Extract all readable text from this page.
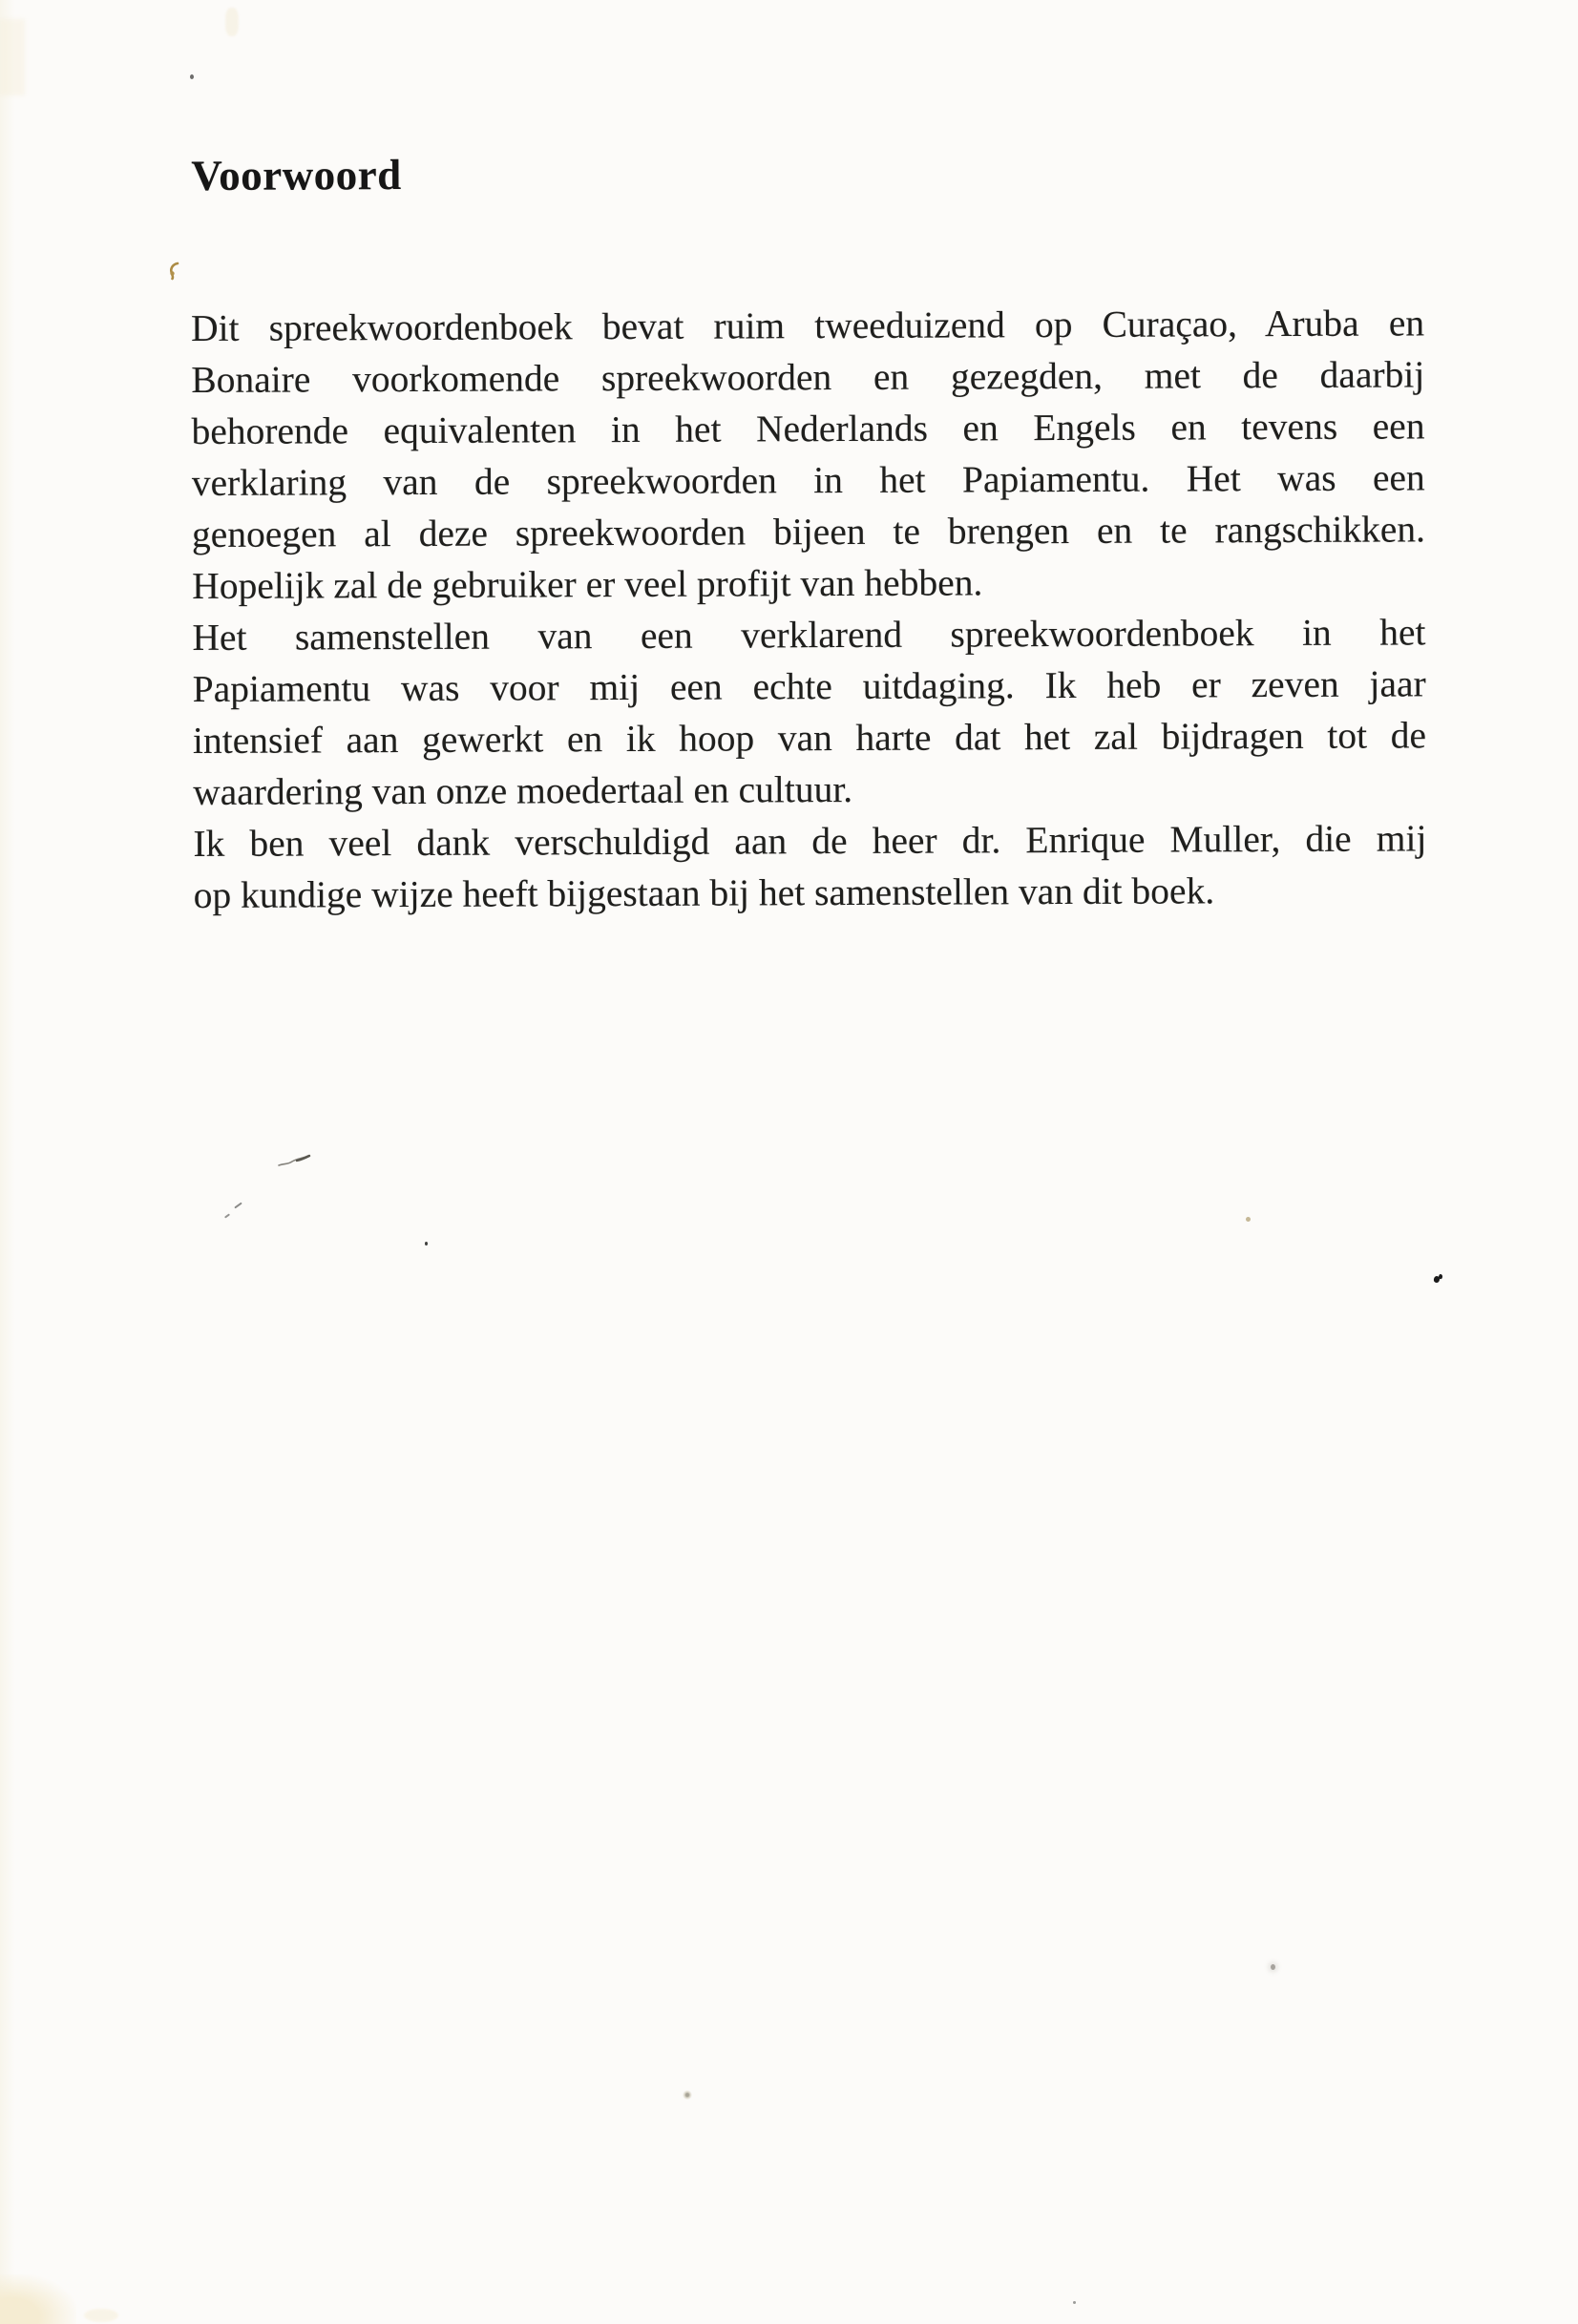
Voorwoord
Dit spreekwoordenboek bevat ruim tweeduizend op Curaçao, Aruba en
Bonaire voorkomende spreekwoorden en gezegden, met de daarbij
behorende equivalenten in het Nederlands en Engels en tevens een
verklaring van de spreekwoorden in het Papiamentu. Het was een
genoegen al deze spreekwoorden bijeen te brengen en te rangschikken.
Hopelijk zal de gebruiker er veel profijt van hebben.
Het samenstellen van een verklarend spreekwoordenboek in het
Papiamentu was voor mij een echte uitdaging. Ik heb er zeven jaar
intensief aan gewerkt en ik hoop van harte dat het zal bijdragen tot de
waardering van onze moedertaal en cultuur.
Ik ben veel dank verschuldigd aan de heer dr. Enrique Muller, die mij
op kundige wijze heeft bijgestaan bij het samenstellen van dit boek.
